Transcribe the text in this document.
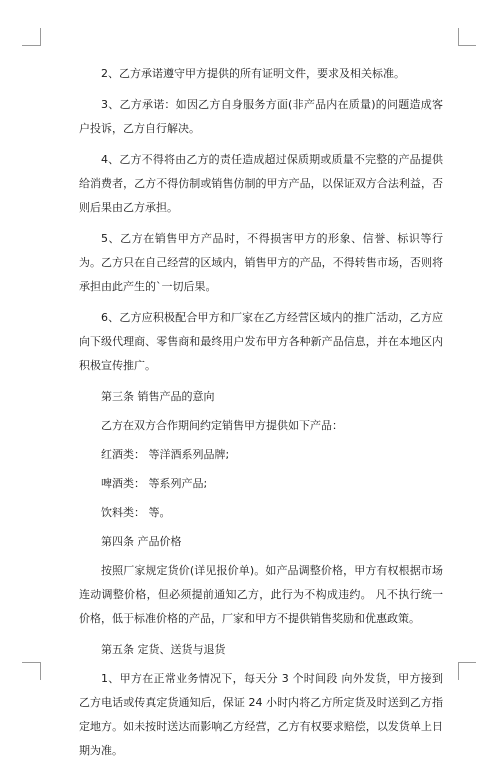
2、乙方承诺遵守甲方提供的所有证明文件，要求及相关标准。

3、乙方承诺：如因乙方自身服务方面(非产品内在质量)的问题造成客户投诉，乙方自行解决。

4、乙方不得将由乙方的责任造成超过保质期或质量不完整的产品提供给消费者，乙方不得仿制或销售仿制的甲方产品，以保证双方合法利益，否则后果由乙方承担。

5、乙方在销售甲方产品时，不得损害甲方的形象、信誉、标识等行为。乙方只在自己经营的区域内，销售甲方的产品，不得转售市场，否则将承担由此产生的`一切后果。

6、乙方应积极配合甲方和厂家在乙方经营区域内的推广活动，乙方应向下级代理商、零售商和最终用户发布甲方各种新产品信息，并在本地区内积极宣传推广。

第三条 销售产品的意向

乙方在双方合作期间约定销售甲方提供如下产品：

红酒类： 等洋酒系列品牌;

啤酒类： 等系列产品;

饮料类： 等。

第四条 产品价格

按照厂家规定货价(详见报价单)。如产品调整价格，甲方有权根据市场连动调整价格，但必须提前通知乙方，此行为不构成违约。 凡不执行统一价格，低于标准价格的产品，厂家和甲方不提供销售奖励和优惠政策。

第五条 定货、送货与退货

1、甲方在正常业务情况下，每天分 3 个时间段 向外发货，甲方接到乙方电话或传真定货通知后，保证 24 小时内将乙方所定货及时送到乙方指定地方。如未按时送达而影响乙方经营，乙方有权要求赔偿，以发货单上日期为准。
